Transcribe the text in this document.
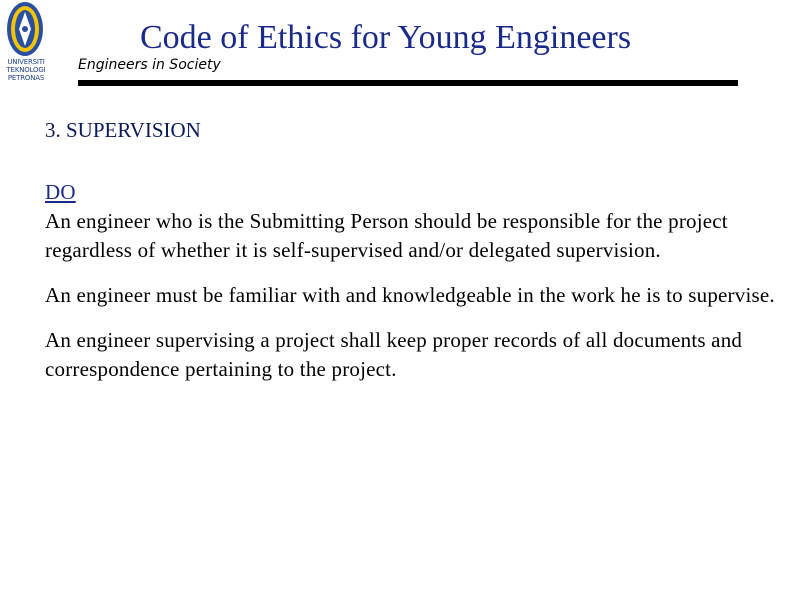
UNIVERSITI
TEKNOLOGI
PETRONAS
Code of Ethics for Young Engineers
Engineers in Society
3. SUPERVISION
DO

An engineer who is the Submitting Person should be responsible for the project regardless of whether it is self-supervised and/or delegated supervision.

An engineer must be familiar with and knowledgeable in the work he is to supervise.

An engineer supervising a project shall keep proper records of all documents and correspondence pertaining to the project.
